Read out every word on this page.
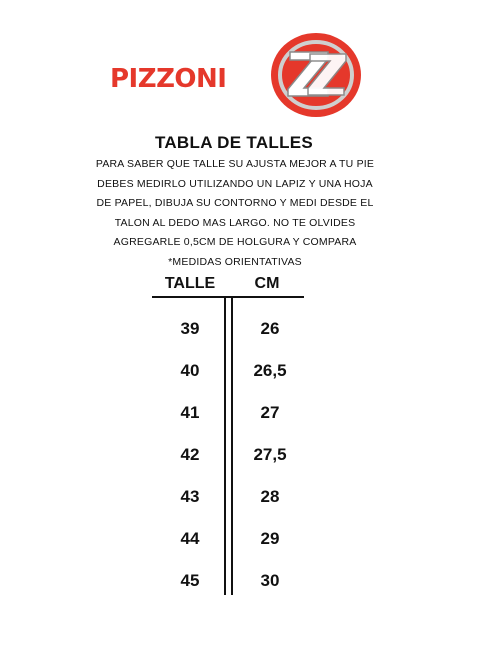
PIZZONI
TABLA DE TALLES
PARA SABER QUE TALLE SU AJUSTA MEJOR A TU PIE
DEBES MEDIRLO UTILIZANDO UN LAPIZ Y UNA HOJA
DE PAPEL, DIBUJA SU CONTORNO Y MEDI DESDE EL
TALON AL DEDO MAS LARGO. NO TE OLVIDES
AGREGARLE 0,5CM DE HOLGURA Y COMPARA
*MEDIDAS ORIENTATIVAS
TALLE	CM
39	26
40	26,5
41	27
42	27,5
43	28
44	29
45	30
